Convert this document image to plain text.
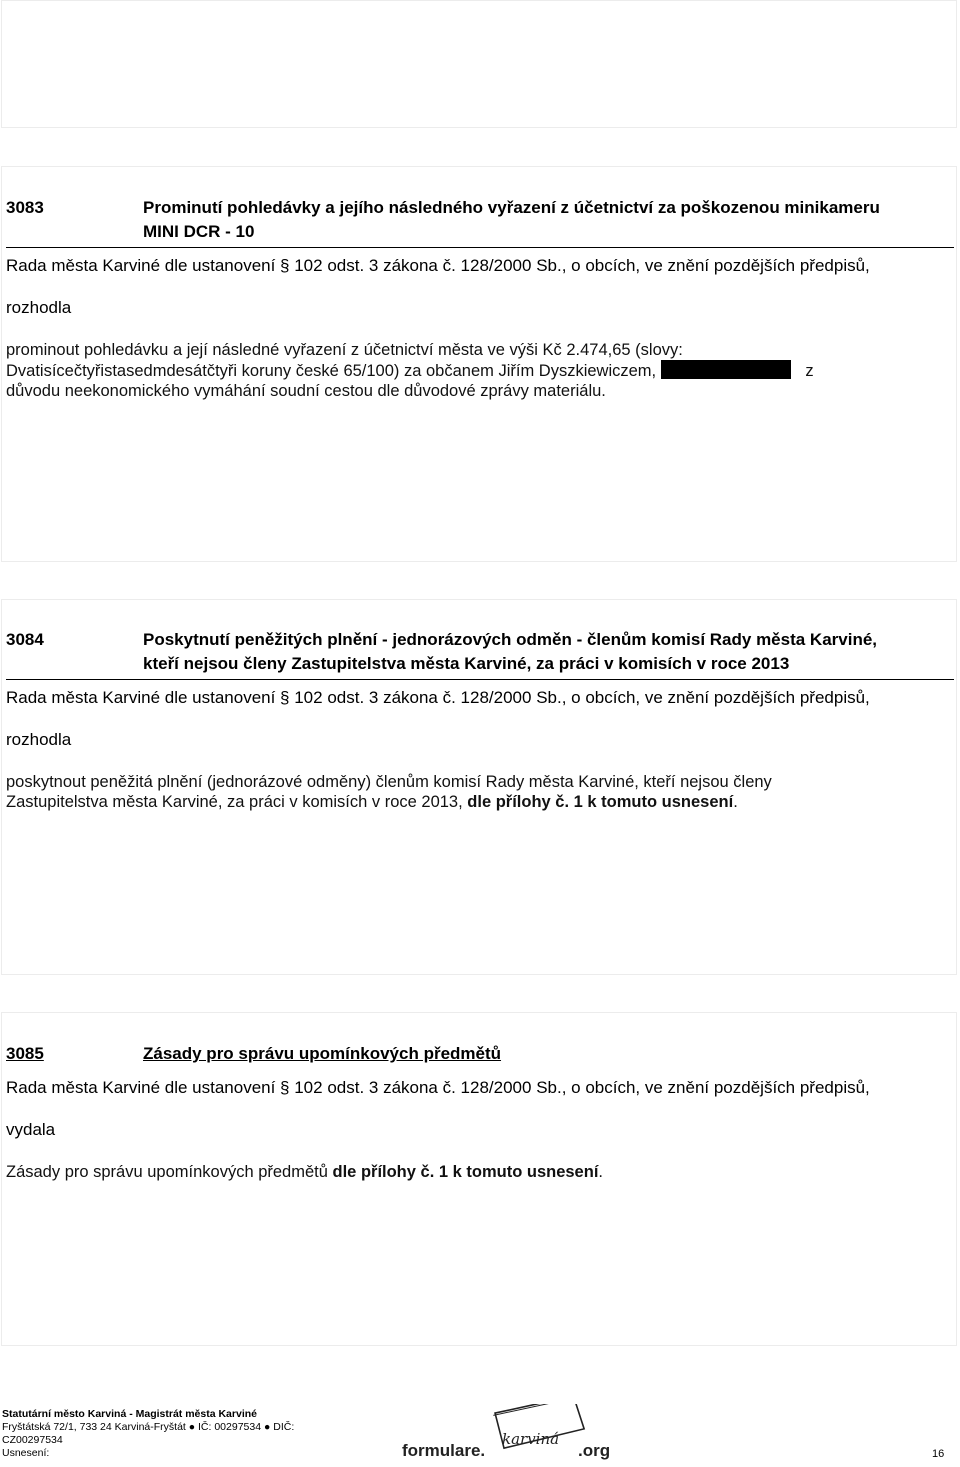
3083	Prominutí pohledávky a jejího následného vyřazení z účetnictví za poškozenou minikameru
MINI DCR - 10
Rada města Karviné dle ustanovení § 102 odst. 3 zákona č. 128/2000 Sb., o obcích, ve znění pozdějších předpisů,
rozhodla
prominout pohledávku a její následné vyřazení z účetnictví města ve výši Kč 2.474,65 (slovy:
Dvatisícečtyřistasedmdesátčtyři koruny české 65/100) za občanem Jiřím Dyszkiewiczem,	z
důvodu neekonomického vymáhání soudní cestou dle důvodové zprávy materiálu.
3084	Poskytnutí peněžitých plnění - jednorázových odměn - členům komisí Rady města Karviné,
kteří nejsou členy Zastupitelstva města Karviné, za práci v komisích v roce 2013
Rada města Karviné dle ustanovení § 102 odst. 3 zákona č. 128/2000 Sb., o obcích, ve znění pozdějších předpisů,
rozhodla
poskytnout peněžitá plnění (jednorázové odměny) členům komisí Rady města Karviné, kteří nejsou členy
Zastupitelstva města Karviné, za práci v komisích v roce 2013, dle přílohy č. 1 k tomuto usnesení.
3085	Zásady pro správu upomínkových předmětů
Rada města Karviné dle ustanovení § 102 odst. 3 zákona č. 128/2000 Sb., o obcích, ve znění pozdějších předpisů,
vydala
Zásady pro správu upomínkových předmětů dle přílohy č. 1 k tomuto usnesení.
Statutární město Karviná - Magistrát města Karviné
Fryštátská 72/1, 733 24 Karviná-Fryštát ● IČ: 00297534 ● DIČ:
CZ00297534
Usnesení:	formulare.
karviná
.org	16
